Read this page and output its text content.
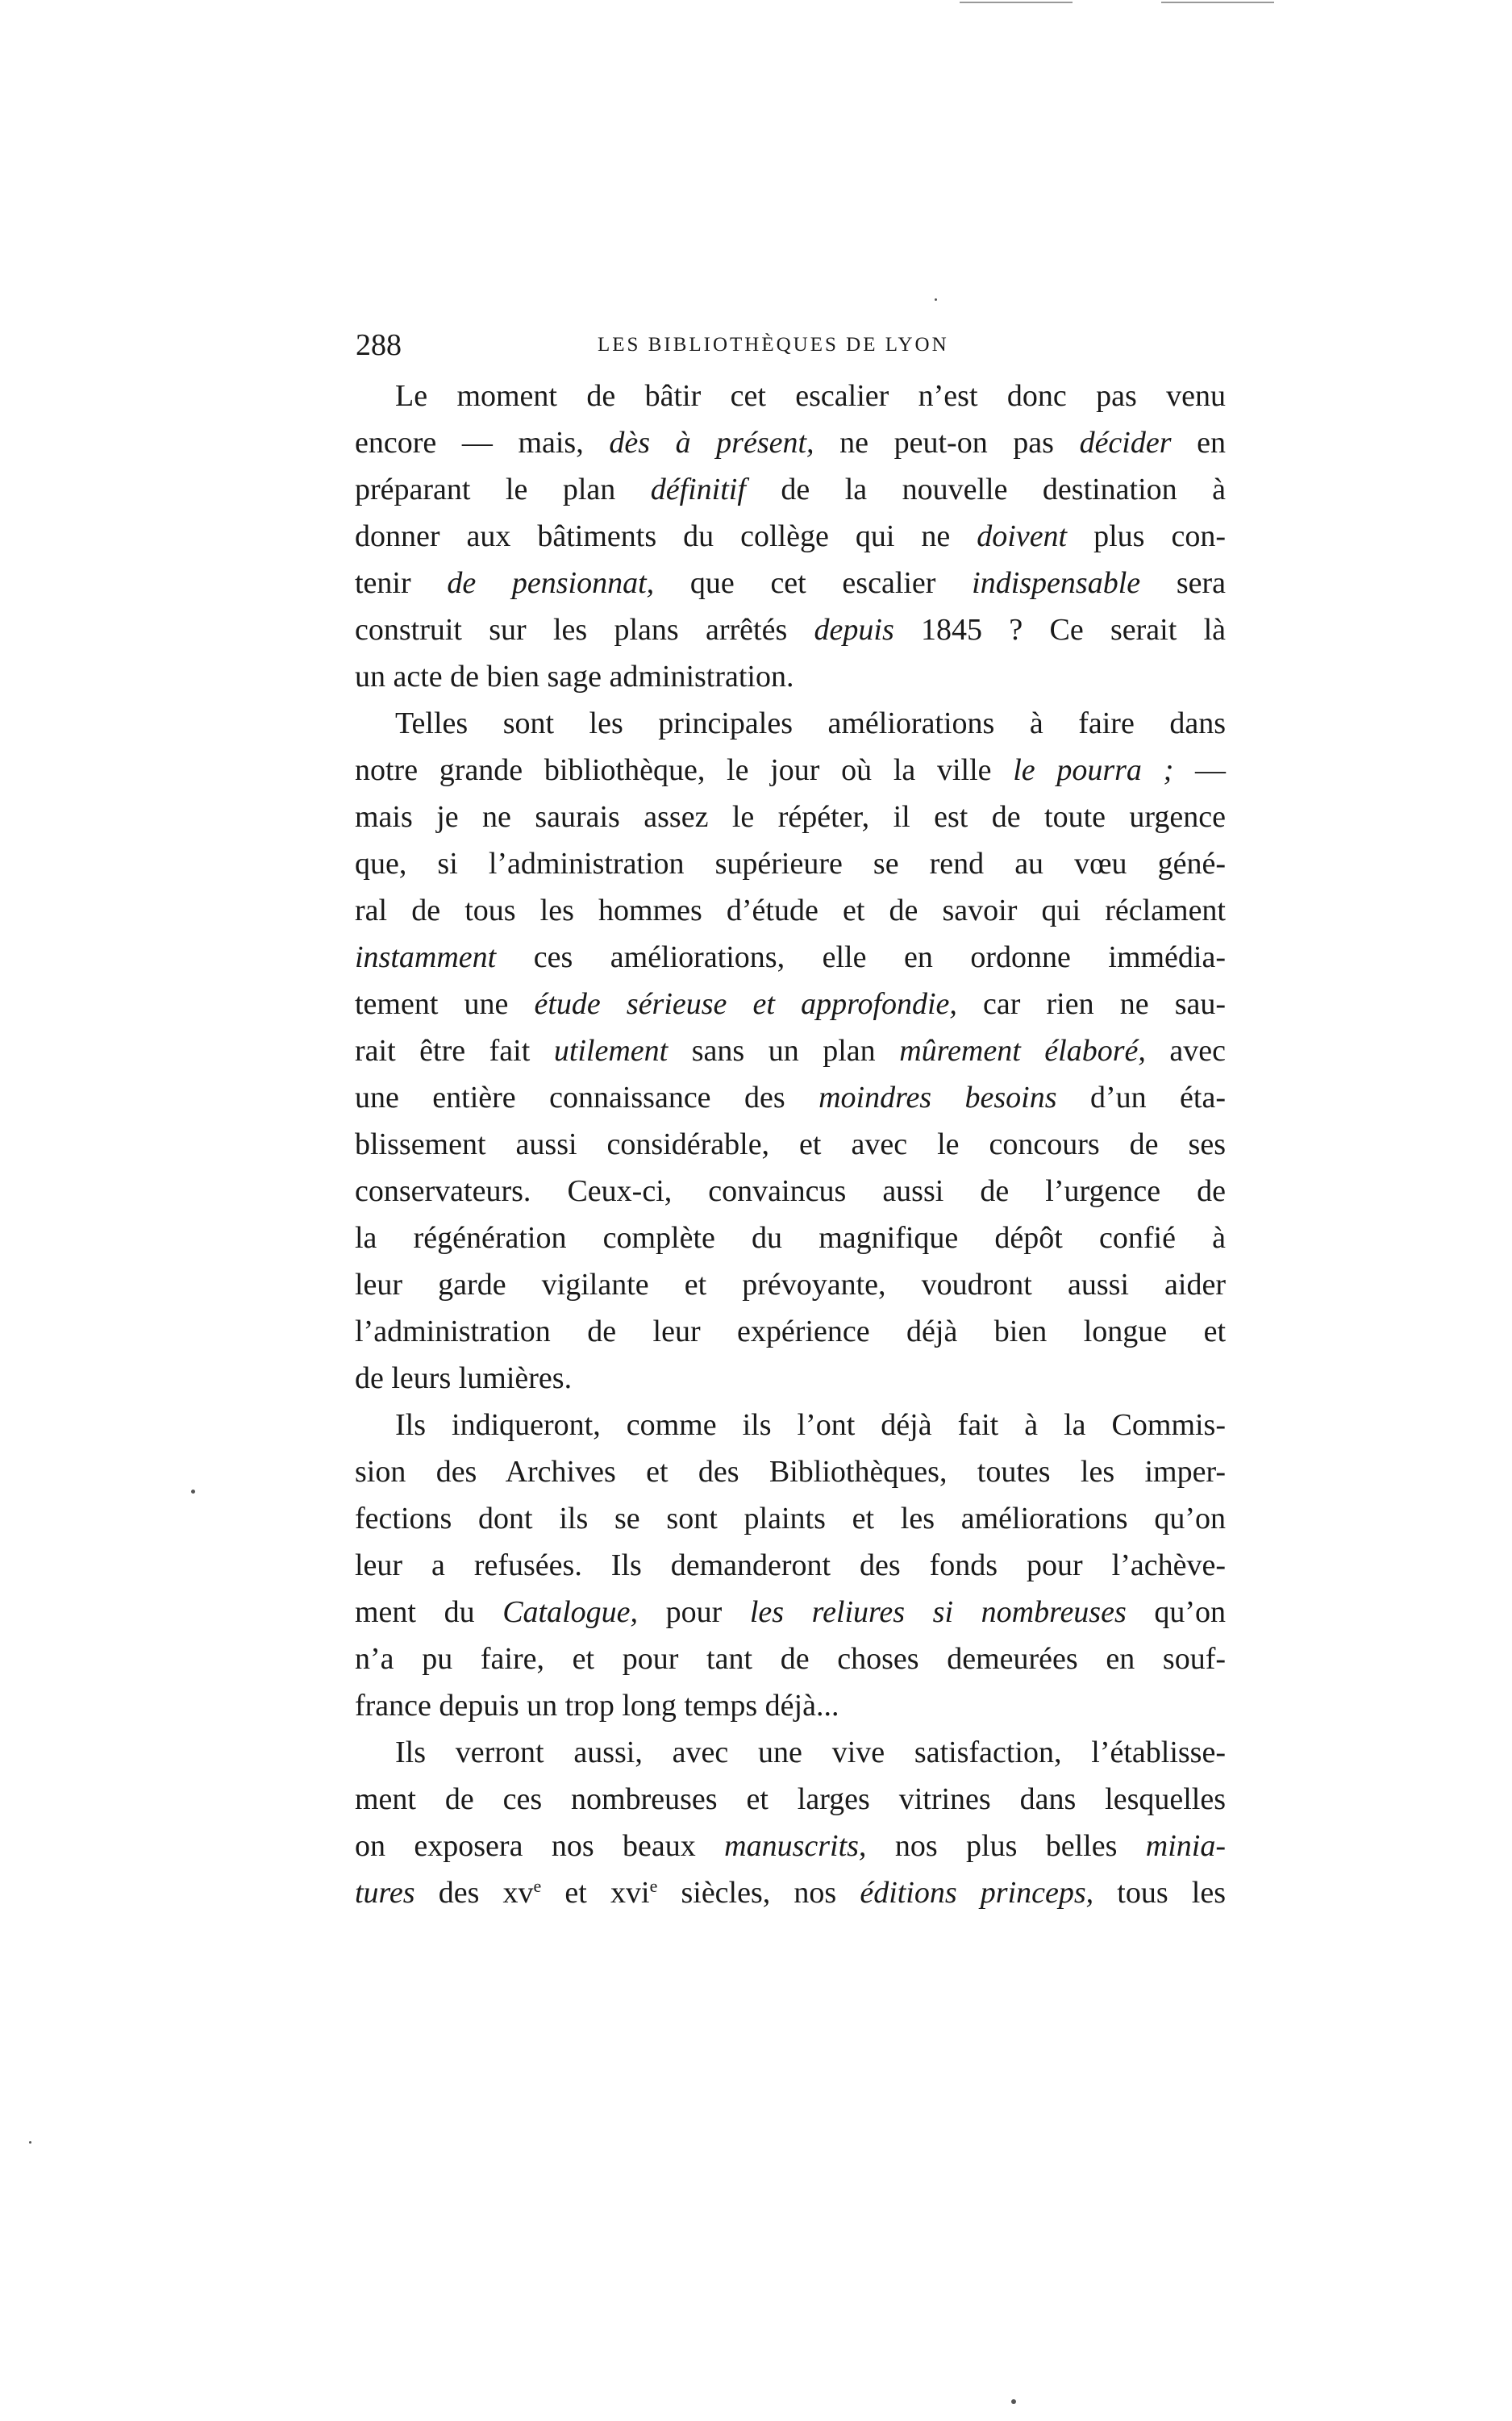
288	LES BIBLIOTHÈQUES DE LYON
Le moment de bâtir cet escalier n’est donc pas venu
encore — mais, dès à présent, ne peut-on pas décider en
préparant le plan définitif de la nouvelle destination à
donner aux bâtiments du collège qui ne doivent plus con-
tenir de pensionnat, que cet escalier indispensable sera
construit sur les plans arrêtés depuis 1845 ? Ce serait là
un acte de bien sage administration.
Telles sont les principales améliorations à faire dans
notre grande bibliothèque, le jour où la ville le pourra ; —
mais je ne saurais assez le répéter, il est de toute urgence
que, si l’administration supérieure se rend au vœu géné-
ral de tous les hommes d’étude et de savoir qui réclament
instamment ces améliorations, elle en ordonne immédia-
tement une étude sérieuse et approfondie, car rien ne sau-
rait être fait utilement sans un plan mûrement élaboré, avec
une entière connaissance des moindres besoins d’un éta-
blissement aussi considérable, et avec le concours de ses
conservateurs. Ceux-ci, convaincus aussi de l’urgence de
la régénération complète du magnifique dépôt confié à
leur garde vigilante et prévoyante, voudront aussi aider
l’administration de leur expérience déjà bien longue et
de leurs lumières.
Ils indiqueront, comme ils l’ont déjà fait à la Commis-
sion des Archives et des Bibliothèques, toutes les imper-
fections dont ils se sont plaints et les améliorations qu’on
leur a refusées. Ils demanderont des fonds pour l’achève-
ment du Catalogue, pour les reliures si nombreuses qu’on
n’a pu faire, et pour tant de choses demeurées en souf-
france depuis un trop long temps déjà...
Ils verront aussi, avec une vive satisfaction, l’établisse-
ment de ces nombreuses et larges vitrines dans lesquelles
on exposera nos beaux manuscrits, nos plus belles minia-
tures des $xv^e$ et xvi$^e$ siècles, nos éditions princeps, tous les
